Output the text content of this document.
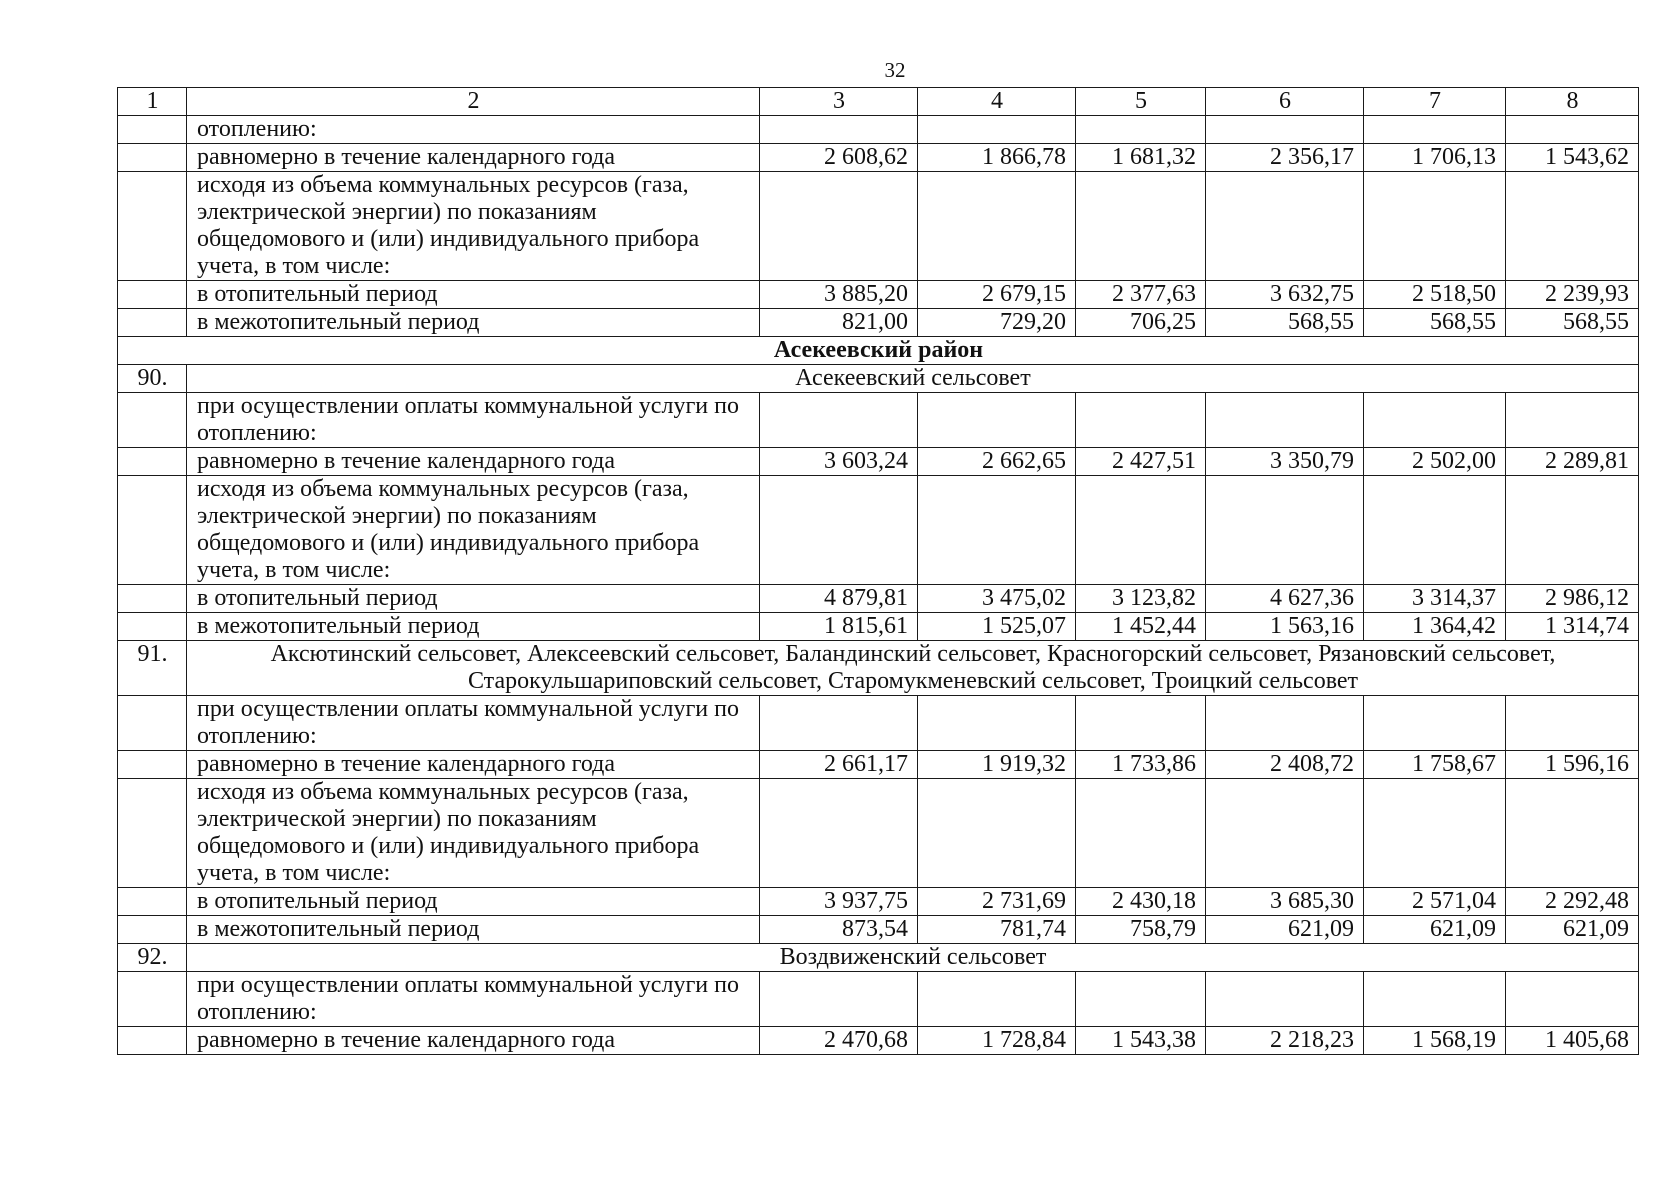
32
1	2	3	4	5	6	7	8
	отоплению:						
	равномерно в течение календарного года	2 608,62	1 866,78	1 681,32	2 356,17	1 706,13	1 543,62
	исходя из объема коммунальных ресурсов (газа, электрической энергии) по показаниям общедомового и (или) индивидуального прибора учета, в том числе:						
	в отопительный период	3 885,20	2 679,15	2 377,63	3 632,75	2 518,50	2 239,93
	в межотопительный период	821,00	729,20	706,25	568,55	568,55	568,55
Асекеевский район							
90.	Асекеевский сельсовет						
	при осуществлении оплаты коммунальной услуги по отоплению:						
	равномерно в течение календарного года	3 603,24	2 662,65	2 427,51	3 350,79	2 502,00	2 289,81
	исходя из объема коммунальных ресурсов (газа, электрической энергии) по показаниям общедомового и (или) индивидуального прибора учета, в том числе:						
	в отопительный период	4 879,81	3 475,02	3 123,82	4 627,36	3 314,37	2 986,12
	в межотопительный период	1 815,61	1 525,07	1 452,44	1 563,16	1 364,42	1 314,74
91.	Аксютинский сельсовет, Алексеевский сельсовет, Баландинский сельсовет, Красногорский сельсовет, Рязановский сельсовет, Старокульшариповский сельсовет, Старомукменевский сельсовет, Троицкий сельсовет						
	при осуществлении оплаты коммунальной услуги по отоплению:						
	равномерно в течение календарного года	2 661,17	1 919,32	1 733,86	2 408,72	1 758,67	1 596,16
	исходя из объема коммунальных ресурсов (газа, электрической энергии) по показаниям общедомового и (или) индивидуального прибора учета, в том числе:						
	в отопительный период	3 937,75	2 731,69	2 430,18	3 685,30	2 571,04	2 292,48
	в межотопительный период	873,54	781,74	758,79	621,09	621,09	621,09
92.	Воздвиженский сельсовет						
	при осуществлении оплаты коммунальной услуги по отоплению:						
	равномерно в течение календарного года	2 470,68	1 728,84	1 543,38	2 218,23	1 568,19	1 405,68
